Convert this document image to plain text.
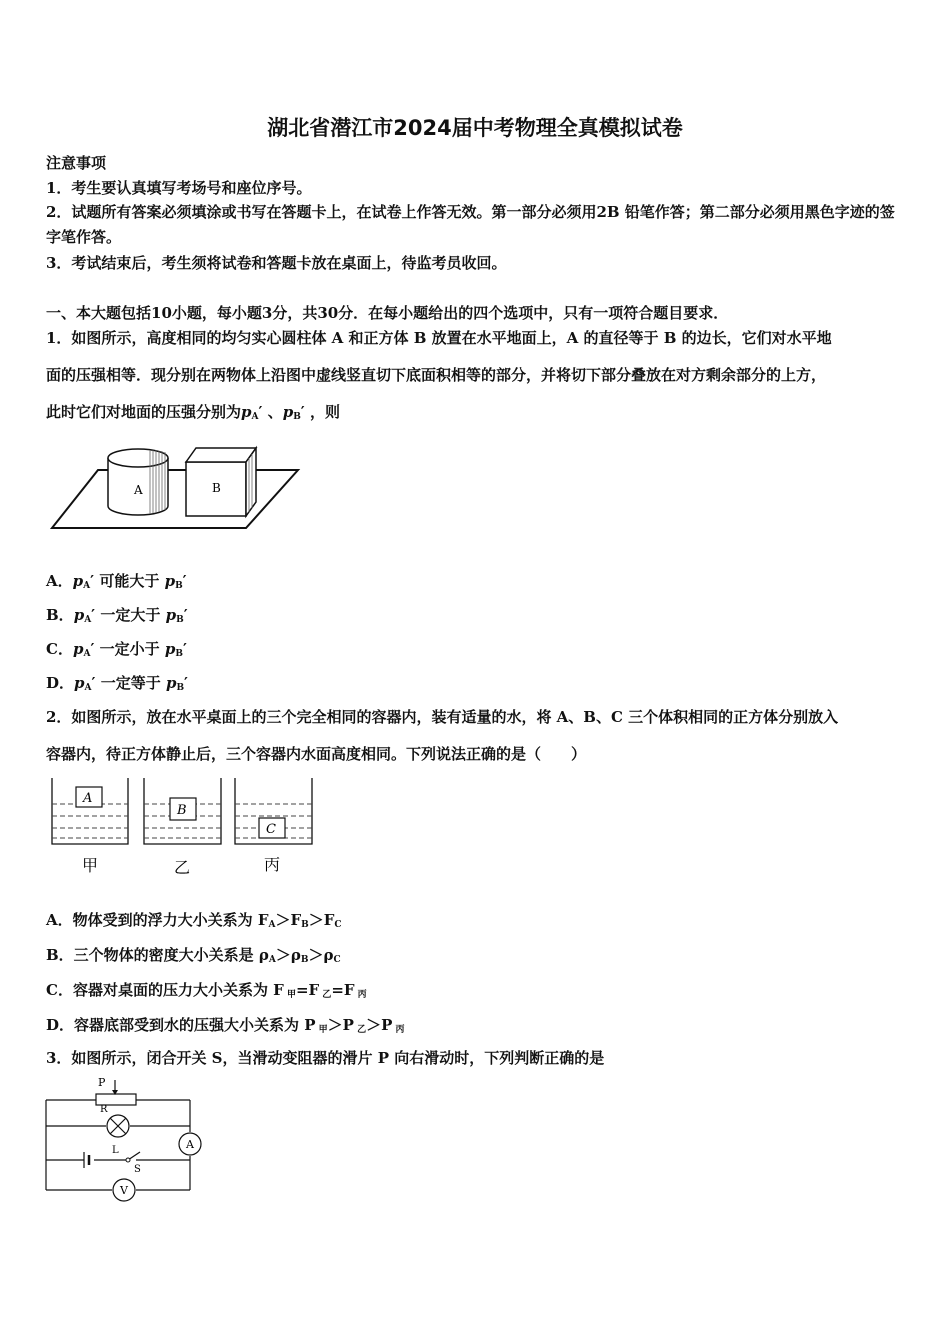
湖北省潜江市2024届中考物理全真模拟试卷
注意事项
1．考生要认真填写考场号和座位序号。
2．试题所有答案必须填涂或书写在答题卡上，在试卷上作答无效。第一部分必须用2B 铅笔作答；第二部分必须用黑色字迹的签字笔作答。
3．考试结束后，考生须将试卷和答题卡放在桌面上，待监考员收回。
一、本大题包括10小题，每小题3分，共30分．在每小题给出的四个选项中，只有一项符合题目要求．
1．如图所示，高度相同的均匀实心圆柱体 A 和正方体 B 放置在水平地面上，A 的直径等于 B 的边长，它们对水平地
面的压强相等．现分别在两物体上沿图中虚线竖直切下底面积相等的部分，并将切下部分叠放在对方剩余部分的上方，
此时它们对地面的压强分别为$p_A'$ 、$p_B'$ ，则
A	B
A．$p_A'$ 可能大于 $p_B'$
B．$p_A'$ 一定大于 $p_B'$
C．$p_A'$ 一定小于 $p_B'$
D．$p_A'$ 一定等于 $p_B'$
2．如图所示，放在水平桌面上的三个完全相同的容器内，装有适量的水，将 A、B、C 三个体积相同的正方体分别放入
容器内，待正方体静止后，三个容器内水面高度相同。下列说法正确的是（　　）
A
B
C
甲	乙	丙
A．物体受到的浮力大小关系为 $F_A>F_B>F_C$
B．三个物体的密度大小关系是 $\rho_A>\rho_B>\rho_C$
C．容器对桌面的压力大小关系为 F $_甲$=F $_乙$=F $_丙$
D．容器底部受到水的压强大小关系为 P $_甲$＞P $_乙$＞P $_丙$
3．如图所示，闭合开关 S，当滑动变阻器的滑片 P 向右滑动时，下列判断正确的是
P
R
L
S
A
V
